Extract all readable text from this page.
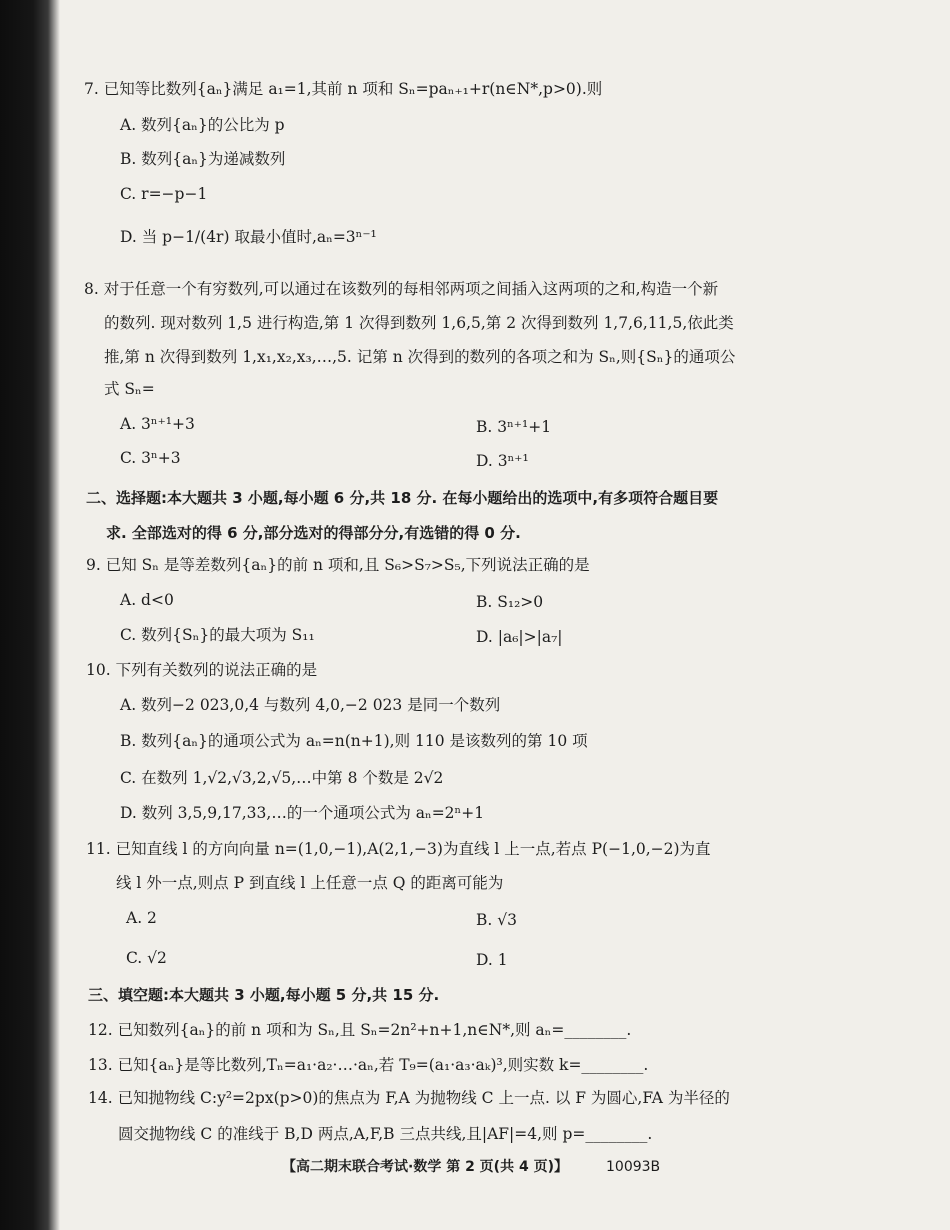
7. 已知等比数列{aₙ}满足 a₁=1,其前 n 项和 Sₙ=paₙ₊₁+r(n∈N*,p>0).则
A. 数列{aₙ}的公比为 p
B. 数列{aₙ}为递减数列
C. r=−p−1
D. 当 p−1/(4r) 取最小值时,aₙ=3ⁿ⁻¹
8. 对于任意一个有穷数列,可以通过在该数列的每相邻两项之间插入这两项的之和,构造一个新
的数列. 现对数列 1,5 进行构造,第 1 次得到数列 1,6,5,第 2 次得到数列 1,7,6,11,5,依此类
推,第 n 次得到数列 1,x₁,x₂,x₃,…,5. 记第 n 次得到的数列的各项之和为 Sₙ,则{Sₙ}的通项公
式 Sₙ=
A. 3ⁿ⁺¹+3	B. 3ⁿ⁺¹+1
C. 3ⁿ+3	D. 3ⁿ⁺¹
二、选择题:本大题共 3 小题,每小题 6 分,共 18 分. 在每小题给出的选项中,有多项符合题目要
求. 全部选对的得 6 分,部分选对的得部分分,有选错的得 0 分.
9. 已知 Sₙ 是等差数列{aₙ}的前 n 项和,且 S₆>S₇>S₅,下列说法正确的是
A. d<0	B. S₁₂>0
C. 数列{Sₙ}的最大项为 S₁₁	D. |a₆|>|a₇|
10. 下列有关数列的说法正确的是
A. 数列−2 023,0,4 与数列 4,0,−2 023 是同一个数列
B. 数列{aₙ}的通项公式为 aₙ=n(n+1),则 110 是该数列的第 10 项
C. 在数列 1,√2,√3,2,√5,…中第 8 个数是 2√2
D. 数列 3,5,9,17,33,…的一个通项公式为 aₙ=2ⁿ+1
11. 已知直线 l 的方向向量 n=(1,0,−1),A(2,1,−3)为直线 l 上一点,若点 P(−1,0,−2)为直
线 l 外一点,则点 P 到直线 l 上任意一点 Q 的距离可能为
A. 2	B. √3
C. √2	D. 1
三、填空题:本大题共 3 小题,每小题 5 分,共 15 分.
12. 已知数列{aₙ}的前 n 项和为 Sₙ,且 Sₙ=2n²+n+1,n∈N*,则 aₙ=________.
13. 已知{aₙ}是等比数列,Tₙ=a₁·a₂·…·aₙ,若 T₉=(a₁·a₃·aₖ)³,则实数 k=________.
14. 已知抛物线 C:y²=2px(p>0)的焦点为 F,A 为抛物线 C 上一点. 以 F 为圆心,FA 为半径的
圆交抛物线 C 的准线于 B,D 两点,A,F,B 三点共线,且|AF|=4,则 p=________.
【高二期末联合考试·数学 第 2 页(共 4 页)】	10093B
